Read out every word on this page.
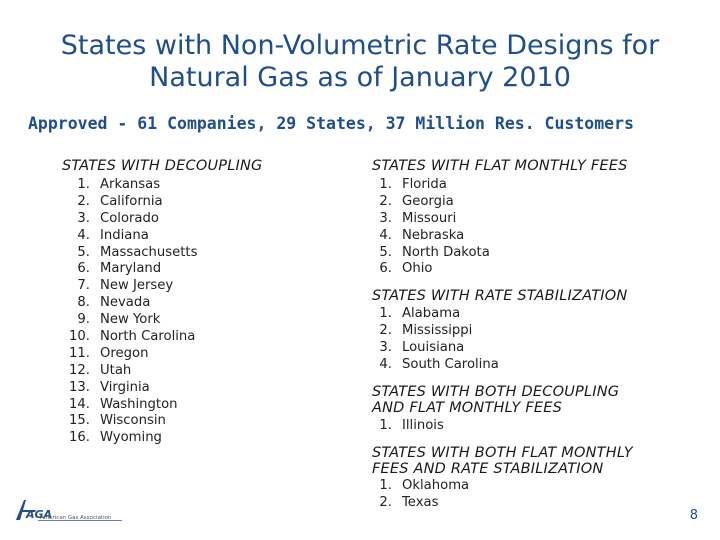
States with Non-Volumetric Rate Designs for
Natural Gas as of January 2010
Approved - 61 Companies, 29 States, 37 Million Res. Customers
STATES WITH DECOUPLING
1. Arkansas
2. California
3. Colorado
4. Indiana
5. Massachusetts
6. Maryland
7. New Jersey
8. Nevada
9. New York
10. North Carolina
11. Oregon
12. Utah
13. Virginia
14. Washington
15. Wisconsin
16. Wyoming
STATES WITH FLAT MONTHLY FEES
1. Florida
2. Georgia
3. Missouri
4. Nebraska
5. North Dakota
6. Ohio
STATES WITH RATE STABILIZATION
1. Alabama
2. Mississippi
3. Louisiana
4. South Carolina
STATES WITH BOTH DECOUPLING
AND FLAT MONTHLY FEES
1. Illinois
STATES WITH BOTH FLAT MONTHLY
FEES AND RATE STABILIZATION
1. Oklahoma
2. Texas
AGA
American Gas Association	8
